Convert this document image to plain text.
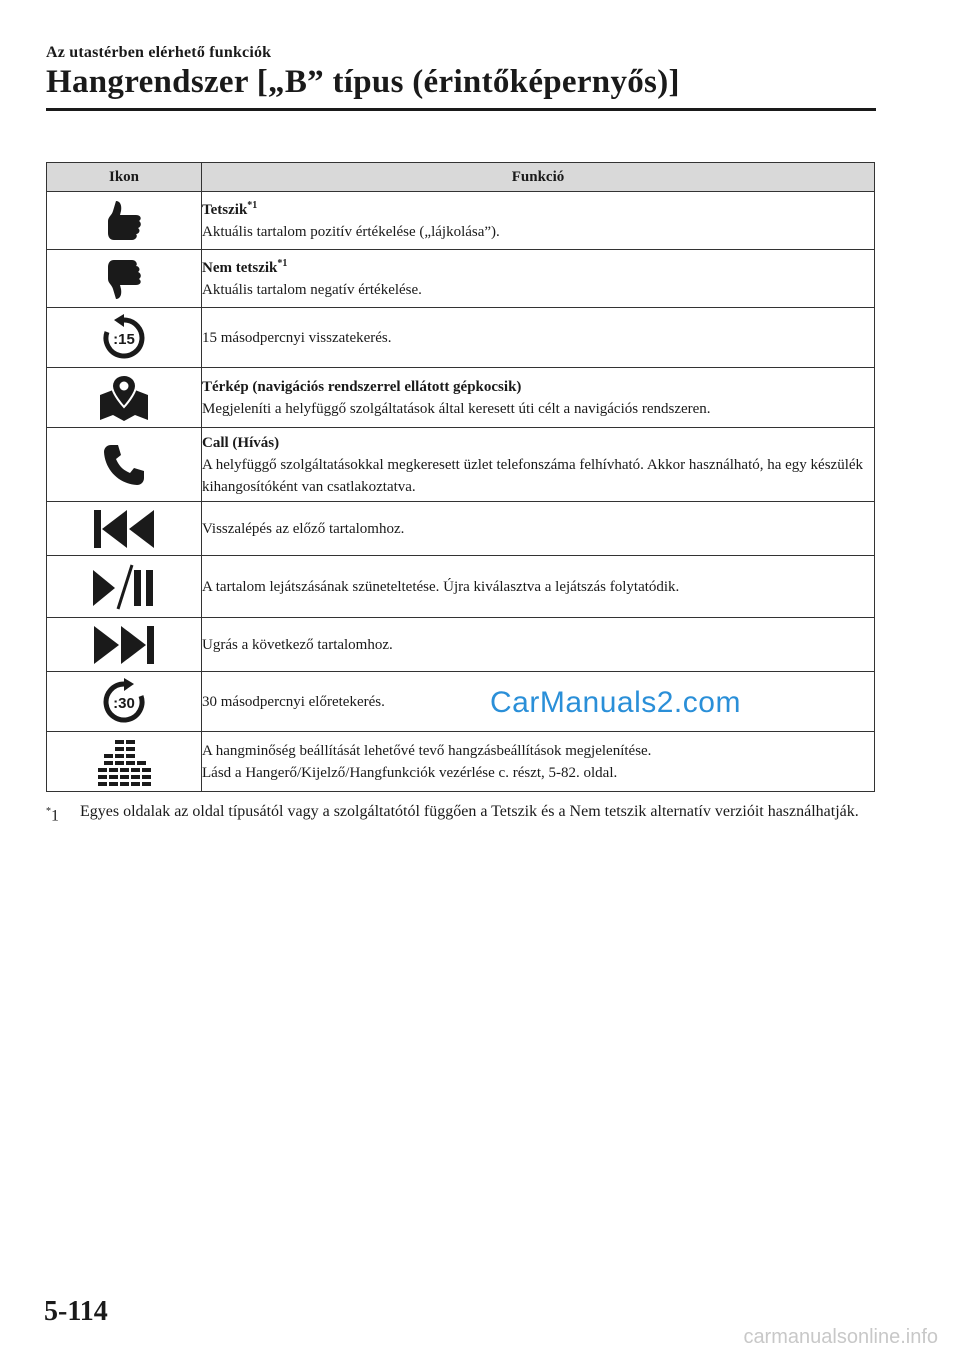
Az utastérben elérhető funkciók
Hangrendszer [„B” típus (érintőképernyős)]
Ikon	Funkció

Tetszik$^{*1}$
Aktuális tartalom pozitív értékelése („lájkolása”).

Nem tetszik$^{*1}$
Aktuális tartalom negatív értékelése.

:15	15 másodpercnyi visszatekerés.

Térkép (navigációs rendszerrel ellátott gépkocsik)
Megjeleníti a helyfüggő szolgáltatások által keresett úti célt a navigációs rendszeren.

Call (Hívás)
A helyfüggő szolgáltatásokkal megkeresett üzlet telefonszáma felhívható. Akkor használható, ha egy készülék kihangosítóként van csatlakoztatva.

Visszalépés az előző tartalomhoz.

A tartalom lejátszásának szüneteltetése. Újra kiválasztva a lejátszás folytatódik.

Ugrás a következő tartalomhoz.

:30	30 másodpercnyi előretekerés.

A hangminőség beállítását lehetővé tevő hangzásbeállítások megjelenítése.
Lásd a Hangerő/Kijelző/Hangfunkciók vezérlése c. részt, 5-82. oldal.
*1 Egyes oldalak az oldal típusától vagy a szolgáltatótól függően a Tetszik és a Nem tetszik alternatív verzióit használhatják.
CarManuals2.com
5-114
carmanualsonline.info
